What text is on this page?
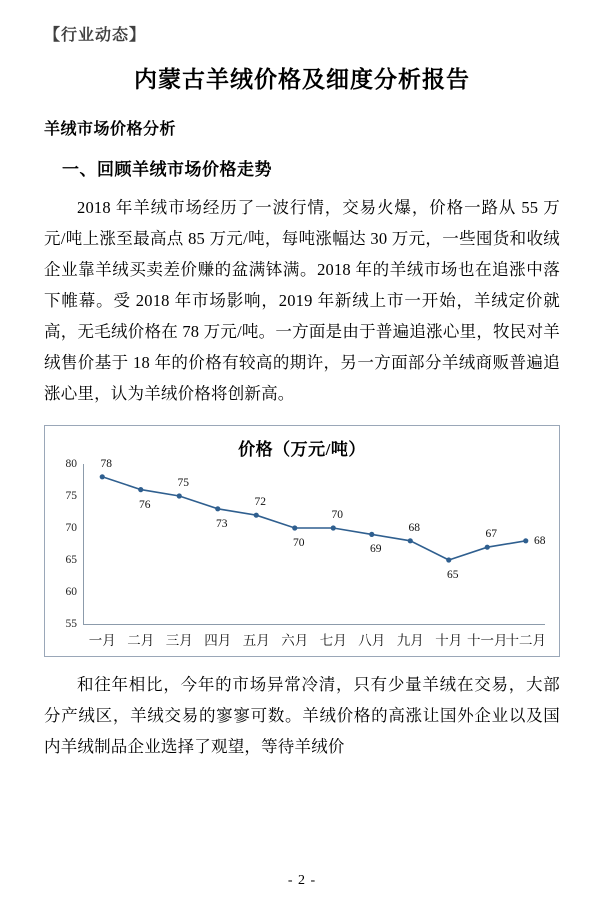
【行业动态】
内蒙古羊绒价格及细度分析报告
羊绒市场价格分析
一、回顾羊绒市场价格走势

2018 年羊绒市场经历了一波行情，交易火爆，价格一路从 55 万元/吨上涨至最高点 85 万元/吨，每吨涨幅达 30 万元，一些囤货和收绒企业靠羊绒买卖差价赚的盆满钵满。2018 年的羊绒市场也在追涨中落下帷幕。受 2018 年市场影响，2019 年新绒上市一开始，羊绒定价就高，无毛绒价格在 78 万元/吨。一方面是由于普遍追涨心里，牧民对羊绒售价基于 18 年的价格有较高的期许，另一方面部分羊绒商贩普遍追涨心里，认为羊绒价格将创新高。

价格（万元/吨）
55
60
65
70
75
80 78
76
75
73
72
70
70
69
68
65
67
68
一月 二月 三月 四月 五月 六月 七月 八月 九月 十月 十一月
十二月

和往年相比，今年的市场异常冷清，只有少量羊绒在交易，大部分产绒区，羊绒交易的寥寥可数。羊绒价格的高涨让国外企业以及国内羊绒制品企业选择了观望，等待羊绒价

- 2 -
